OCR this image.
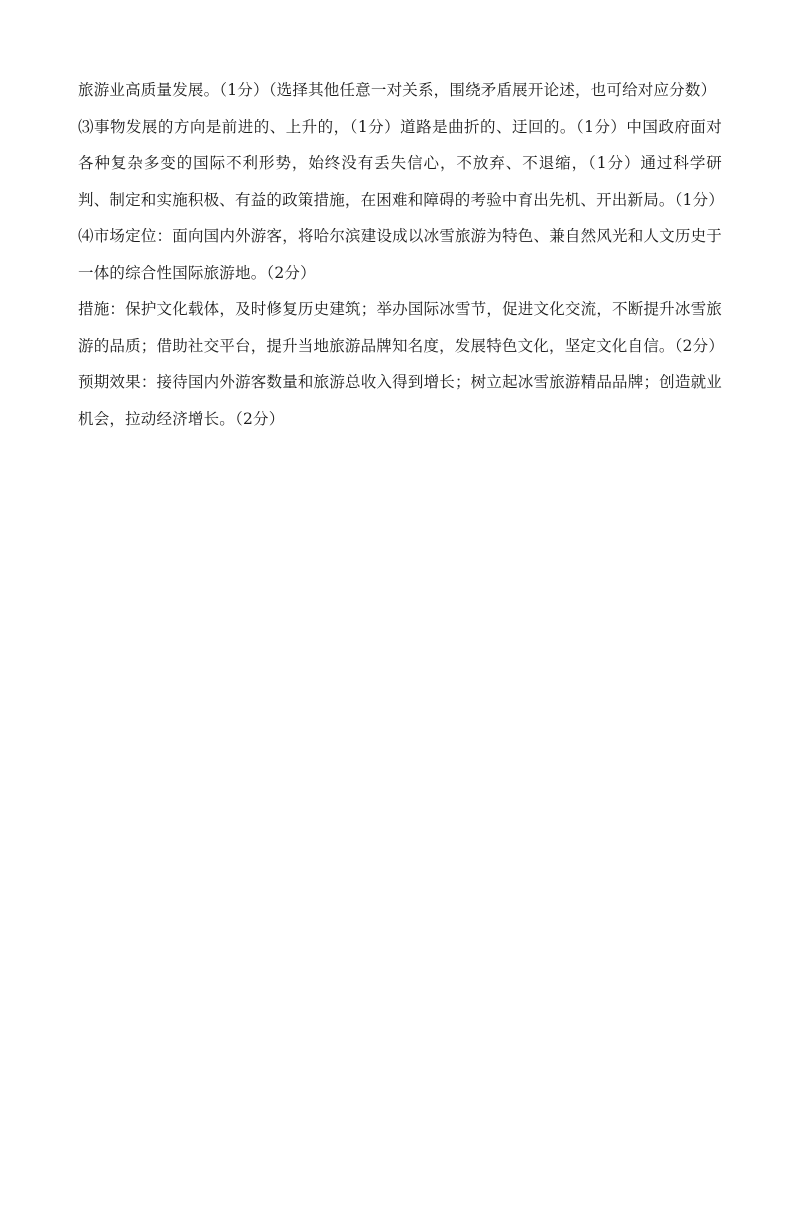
旅游业高质量发展。（1分）（选择其他任意一对关系，围绕矛盾展开论述，也可给对应分数）

⑶事物发展的方向是前进的、上升的，（1分）道路是曲折的、迂回的。（1分）中国政府面对各种复杂多变的国际不利形势，始终没有丢失信心，不放弃、不退缩，（1分）通过科学研判、制定和实施积极、有益的政策措施，在困难和障碍的考验中育出先机、开出新局。（1分）

⑷市场定位：面向国内外游客，将哈尔滨建设成以冰雪旅游为特色、兼自然风光和人文历史于一体的综合性国际旅游地。（2分）

措施：保护文化载体，及时修复历史建筑；举办国际冰雪节，促进文化交流，不断提升冰雪旅游的品质；借助社交平台，提升当地旅游品牌知名度，发展特色文化，坚定文化自信。（2分）

预期效果：接待国内外游客数量和旅游总收入得到增长；树立起冰雪旅游精品品牌；创造就业机会，拉动经济增长。（2分）
